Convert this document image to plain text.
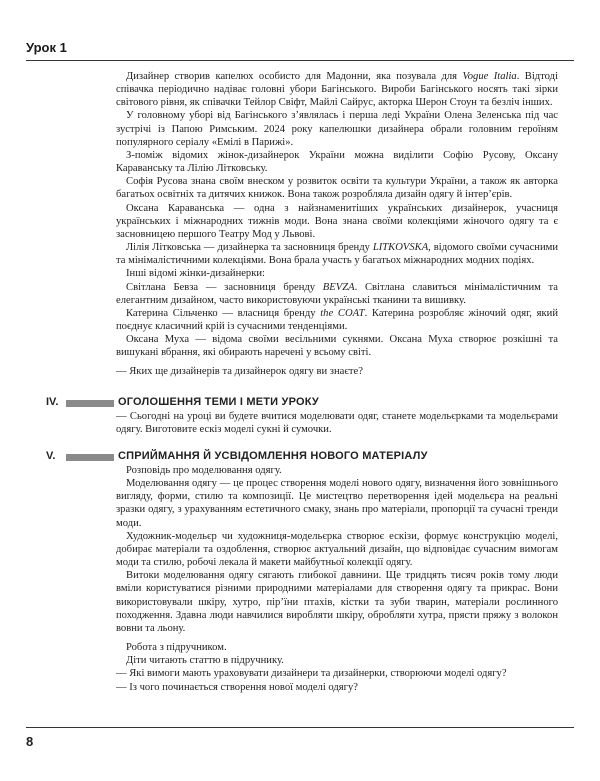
Урок 1

Дизайнер створив капелюх особисто для Мадонни, яка позувала для Vogue Italia. Відтоді співачка періодично надіває головні убори Багінського. Вироби Багінського носять такі зірки світового рівня, як співачки Тейлор Свіфт, Майлі Сайрус, акторка Шерон Стоун та безліч інших.

У головному уборі від Багінського з’являлась і перша леді України Олена Зеленська під час зустрічі із Папою Римським. 2024 року капелюшки дизайнера обрали головним героїням популярного серіалу «Емілі в Парижі».

З-поміж відомих жінок-дизайнерок України можна виділити Софію Русову, Оксану Караванську та Лілію Літковську.

Софія Русова знана своїм внеском у розвиток освіти та культури України, а також як авторка багатьох освітніх та дитячих книжок. Вона також розробляла дизайн одягу й інтер’єрів.

Оксана Караванська — одна з найзнаменитіших українських дизайнерок, учасниця українських і міжнародних тижнів моди. Вона знана своїми колекціями жіночого одягу та є засновницею першого Театру Мод у Львові.

Лілія Літковська — дизайнерка та засновниця бренду LITKOVSKA, відомого своїми сучасними та мінімалістичними колекціями. Вона брала участь у багатьох міжнародних модних подіях.

Інші відомі жінки-дизайнерки:

Світлана Бевза — засновниця бренду BEVZA. Світлана славиться мінімалістичним та елегантним дизайном, часто використовуючи українські тканини та вишивку.

Катерина Сільченко — власниця бренду the COAT. Катерина розробляє жіночий одяг, який поєднує класичний крій із сучасними тенденціями.

Оксана Муха — відома своїми весільними сукнями. Оксана Муха створює розкішні та вишукані вбрання, які обирають наречені у всьому світі.

— Яких ще дизайнерів та дизайнерок одягу ви знаєте?

IV.	ОГОЛОШЕННЯ ТЕМИ І МЕТИ УРОКУ

— Сьогодні на уроці ви будете вчитися моделювати одяг, станете модельєрками та модельєрами одягу. Виготовите ескіз моделі сукні й сумочки.

V.	СПРИЙМАННЯ Й УСВІДОМЛЕННЯ НОВОГО МАТЕРІАЛУ

Розповідь про моделювання одягу.

Моделювання одягу — це процес створення моделі нового одягу, визначення його зовнішнього вигляду, форми, стилю та композиції. Це мистецтво перетворення ідей модельєра на реальні зразки одягу, з урахуванням естетичного смаку, знань про матеріали, пропорції та сучасні тренди моди.

Художник-модельєр чи художниця-модельєрка створює ескізи, формує конструкцію моделі, добирає матеріали та оздоблення, створює актуальний дизайн, що відповідає сучасним вимогам моди та стилю, робочі лекала й макети майбутньої колекції одягу.

Витоки моделювання одягу сягають глибокої давнини. Ще тридцять тисяч років тому люди вміли користуватися різними природними матеріалами для створення одягу та прикрас. Вони використовували шкіру, хутро, пір’їни птахів, кістки та зуби тварин, матеріали рослинного походження. Здавна люди навчилися виробляти шкіру, обробляти хутра, прясти пряжу з волокон вовни та льону.

Робота з підручником.

Діти читають статтю в підручнику.

— Які вимоги мають ураховувати дизайнери та дизайнерки, створюючи моделі одягу?

— Із чого починається створення нової моделі одягу?

8
